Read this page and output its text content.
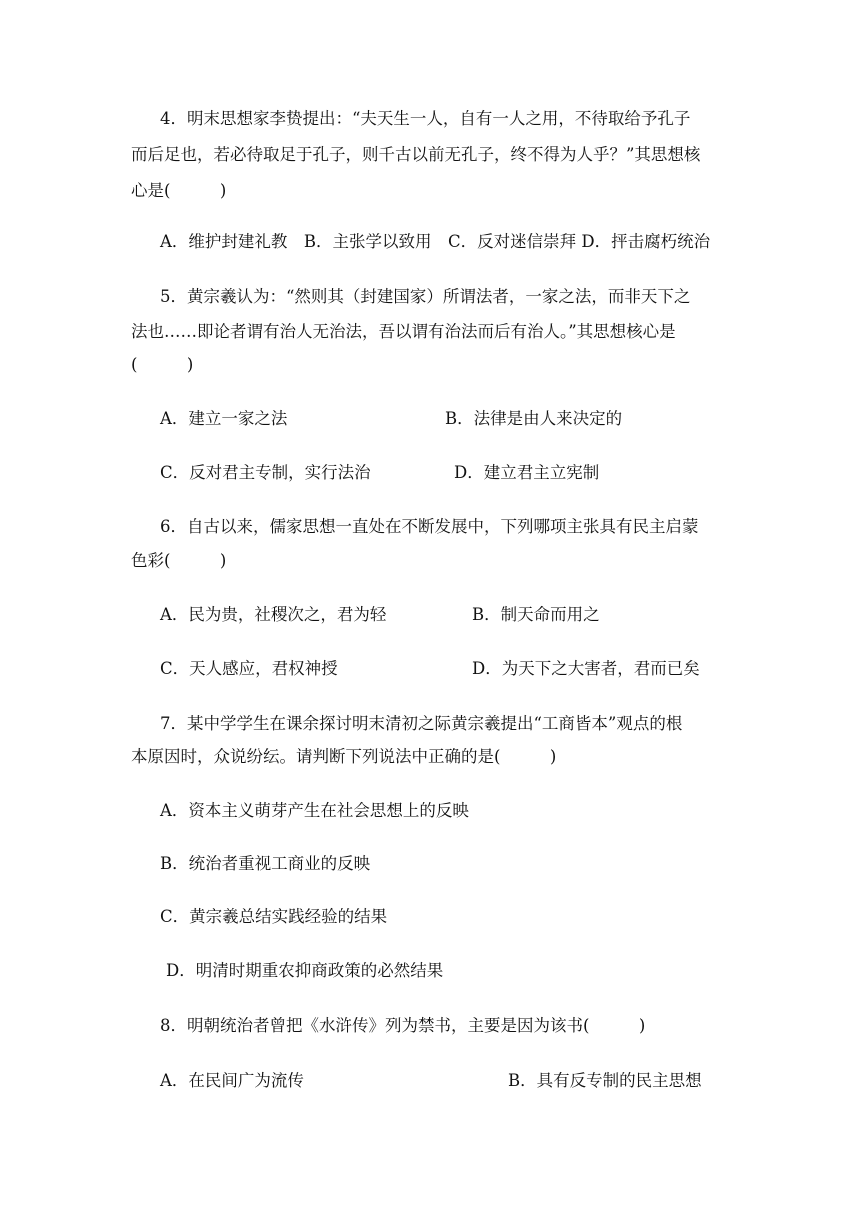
4．明末思想家李贽提出：“夫天生一人，自有一人之用，不待取给予孔子
而后足也，若必待取足于孔子，则千古以前无孔子，终不得为人乎？”其思想核
心是(　　　)
A．维护封建礼教　B．主张学以致用　C．反对迷信崇拜 D．抨击腐朽统治
5．黄宗羲认为：“然则其（封建国家）所谓法者，一家之法，而非天下之
法也……即论者谓有治人无治法，吾以谓有治法而后有治人。”其思想核心是
(　　　)
A．建立一家之法	B．法律是由人来决定的
C．反对君主专制，实行法治	D．建立君主立宪制
6．自古以来，儒家思想一直处在不断发展中，下列哪项主张具有民主启蒙
色彩(　　　)
A．民为贵，社稷次之，君为轻	B．制天命而用之
C．天人感应，君权神授	D．为天下之大害者，君而已矣
7．某中学学生在课余探讨明末清初之际黄宗羲提出“工商皆本”观点的根
本原因时，众说纷纭。请判断下列说法中正确的是(　　　)
A．资本主义萌芽产生在社会思想上的反映
B．统治者重视工商业的反映
C．黄宗羲总结实践经验的结果
D．明清时期重农抑商政策的必然结果
8．明朝统治者曾把《水浒传》列为禁书，主要是因为该书(　　　)
A．在民间广为流传	B．具有反专制的民主思想
